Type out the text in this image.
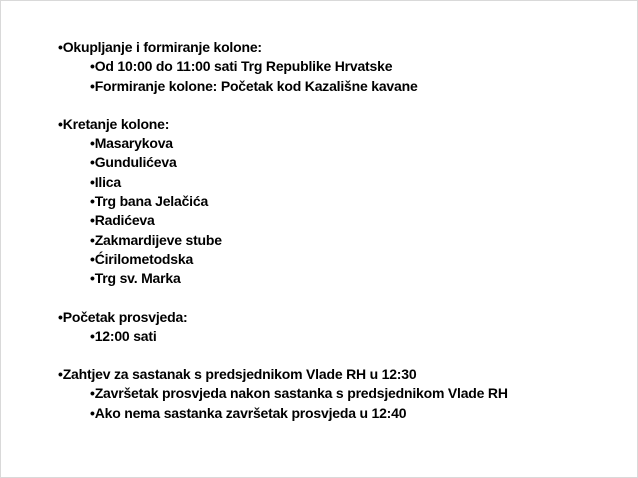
•Okupljanje i formiranje kolone:
•Od 10:00 do 11:00 sati Trg Republike Hrvatske
•Formiranje kolone: Početak kod Kazališne kavane
•Kretanje kolone:
•Masarykova
•Gundulićeva
•Ilica
•Trg bana Jelačića
•Radićeva
•Zakmardijeve stube
•Ćirilometodska
•Trg sv. Marka
•Početak prosvjeda:
•12:00 sati
•Zahtjev za sastanak s predsjednikom Vlade RH u 12:30
•Završetak prosvjeda nakon sastanka s predsjednikom Vlade RH
•Ako nema sastanka završetak prosvjeda u 12:40
